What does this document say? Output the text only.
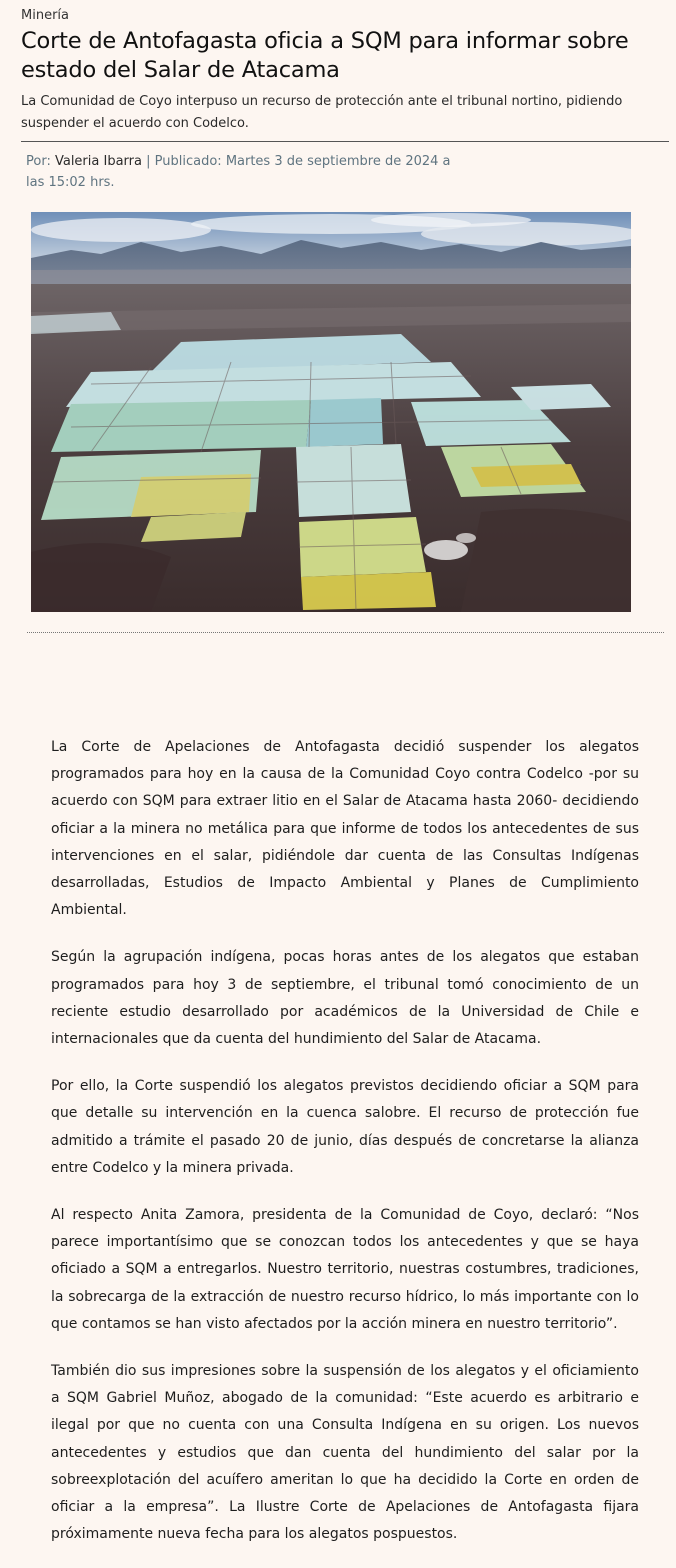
Minería
Corte de Antofagasta oficia a SQM para informar sobre estado del Salar de Atacama

La Comunidad de Coyo interpuso un recurso de protección ante el tribunal nortino, pidiendo suspender el acuerdo con Codelco.

Por: Valeria Ibarra | Publicado: Martes 3 de septiembre de 2024 a las 15:02 hrs.

La Corte de Apelaciones de Antofagasta decidió suspender los alegatos programados para hoy en la causa de la Comunidad Coyo contra Codelco -por su acuerdo con SQM para extraer litio en el Salar de Atacama hasta 2060- decidiendo oficiar a la minera no metálica para que informe de todos los antecedentes de sus intervenciones en el salar, pidiéndole dar cuenta de las Consultas Indígenas desarrolladas, Estudios de Impacto Ambiental y Planes de Cumplimiento Ambiental.

Según la agrupación indígena, pocas horas antes de los alegatos que estaban programados para hoy 3 de septiembre, el tribunal tomó conocimiento de un reciente estudio desarrollado por académicos de la Universidad de Chile e internacionales que da cuenta del hundimiento del Salar de Atacama.

Por ello, la Corte suspendió los alegatos previstos decidiendo oficiar a SQM para que detalle su intervención en la cuenca salobre. El recurso de protección fue admitido a trámite el pasado 20 de junio, días después de concretarse la alianza entre Codelco y la minera privada.

Al respecto Anita Zamora, presidenta de la Comunidad de Coyo, declaró: “Nos parece importantísimo que se conozcan todos los antecedentes y que se haya oficiado a SQM a entregarlos. Nuestro territorio, nuestras costumbres, tradiciones, la sobrecarga de la extracción de nuestro recurso hídrico, lo más importante con lo que contamos se han visto afectados por la acción minera en nuestro territorio”.

También dio sus impresiones sobre la suspensión de los alegatos y el oficiamiento a SQM Gabriel Muñoz, abogado de la comunidad: “Este acuerdo es arbitrario e ilegal por que no cuenta con una Consulta Indígena en su origen. Los nuevos antecedentes y estudios que dan cuenta del hundimiento del salar por la sobreexplotación del acuífero ameritan lo que ha decidido la Corte en orden de oficiar a la empresa”. La Ilustre Corte de Apelaciones de Antofagasta fijara próximamente nueva fecha para los alegatos pospuestos.
